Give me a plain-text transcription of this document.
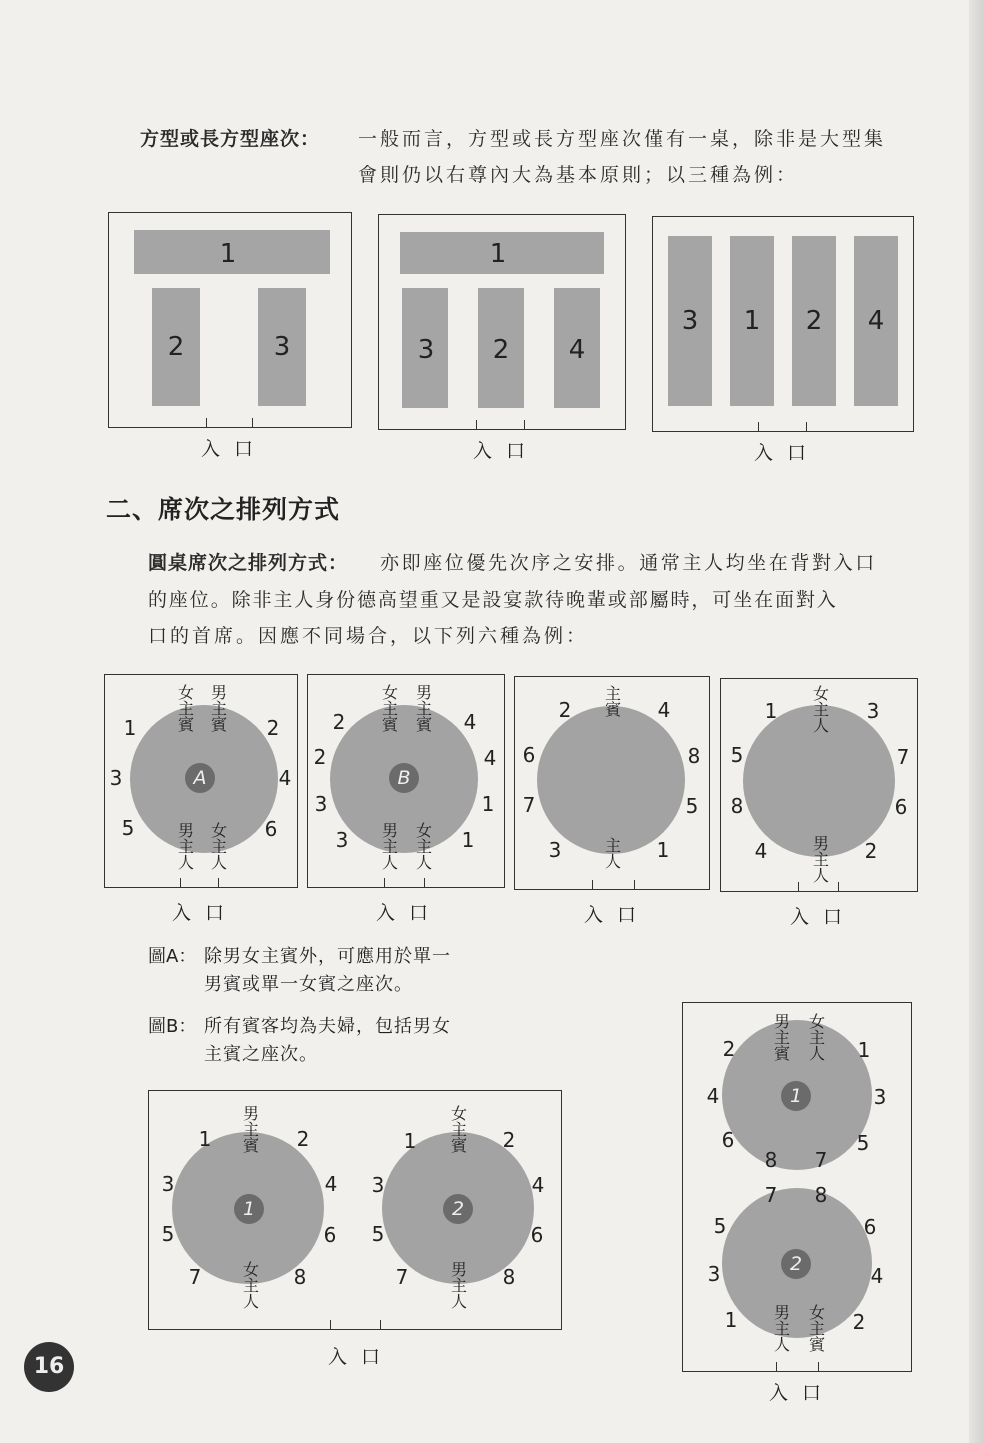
方型或長方型座次： 一般而言，方型或長方型座次僅有一桌，除非是大型集
會則仍以右尊內大為基本原則；以三種為例：
1
2	3
入 口
1
3 2 4
入 口
3 1 2 4
入 口
二、席次之排列方式
圓桌席次之排列方式： 亦即座位優先次序之安排。通常主人均坐在背對入口
的座位。除非主人身份德高望重又是設宴款待晚輩或部屬時，可坐在面對入
口的首席。因應不同場合，以下列六種為例：
A
女主賓
男主賓
男主人
女主人
1	2
3	4
5	6
入 口
B
女主賓
男主賓
男主人
女主人
2	4
2	4
3	1
3	1
入 口
主賓
主人
2	4
6	8
7	5
3	1
入 口
女主人
男主人
1	3
5	7
8	6
4	2
入 口
圖A： 除男女主賓外，可應用於單一
男賓或單一女賓之座次。
圖B： 所有賓客均為夫婦，包括男女
主賓之座次。
1	2
男主賓
女主人
女主賓
男主人
1	2
3	4
5	6
7	8
1	2
3	4
5	6
7	8
入 口
1
2
男主賓
女主人
男主人
女主賓
2	1
4	3
6	5
8 7
7 8
5	6
3	4
1	2
入 口
16
